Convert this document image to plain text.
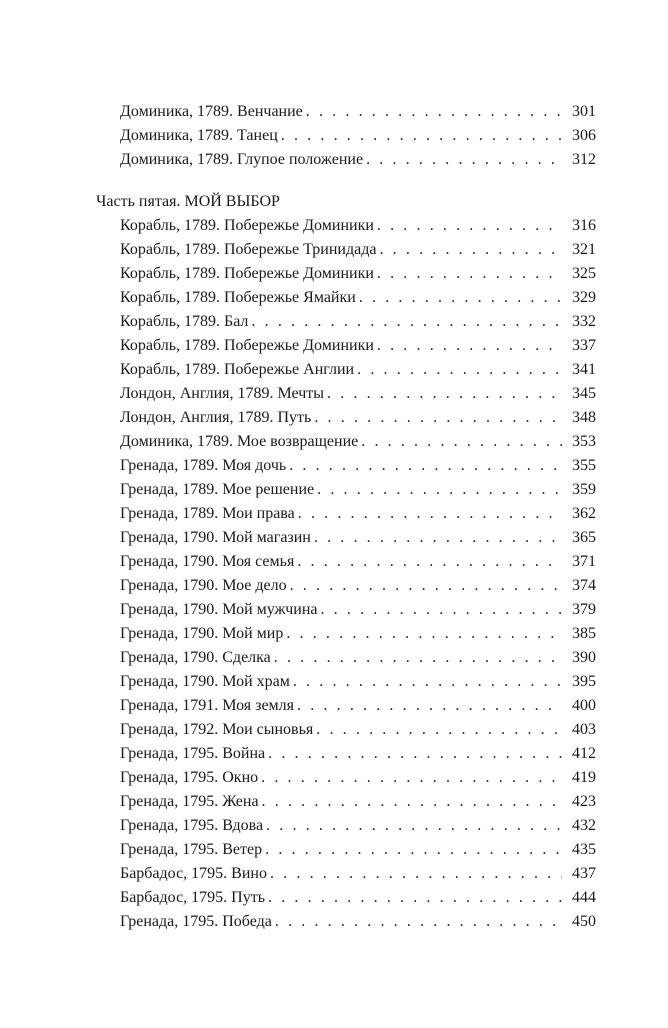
Доминика, 1789. Венчание . . .	301
Доминика, 1789. Танец . . .	306
Доминика, 1789. Глупое положение . . .	312
Часть пятая. МОЙ ВЫБОР
Корабль, 1789. Побережье Доминики . . .	316
Корабль, 1789. Побережье Тринидада . . .	321
Корабль, 1789. Побережье Доминики . . .	325
Корабль, 1789. Побережье Ямайки . . .	329
Корабль, 1789. Бал . . .	332
Корабль, 1789. Побережье Доминики . . .	337
Корабль, 1789. Побережье Англии . . .	341
Лондон, Англия, 1789. Мечты . . .	345
Лондон, Англия, 1789. Путь . . .	348
Доминика, 1789. Мое возвращение . . .	353
Гренада, 1789. Моя дочь . . .	355
Гренада, 1789. Мое решение . . .	359
Гренада, 1789. Мои права . . .	362
Гренада, 1790. Мой магазин . . .	365
Гренада, 1790. Моя семья . . .	371
Гренада, 1790. Мое дело . . .	374
Гренада, 1790. Мой мужчина . . .	379
Гренада, 1790. Мой мир . . .	385
Гренада, 1790. Сделка . . .	390
Гренада, 1790. Мой храм . . .	395
Гренада, 1791. Моя земля . . .	400
Гренада, 1792. Мои сыновья . . .	403
Гренада, 1795. Война . . .	412
Гренада, 1795. Окно . . .	419
Гренада, 1795. Жена . . .	423
Гренада, 1795. Вдова . . .	432
Гренада, 1795. Ветер . . .	435
Барбадос, 1795. Вино . . .	437
Барбадос, 1795. Путь . . .	444
Гренада, 1795. Победа . . .	450
